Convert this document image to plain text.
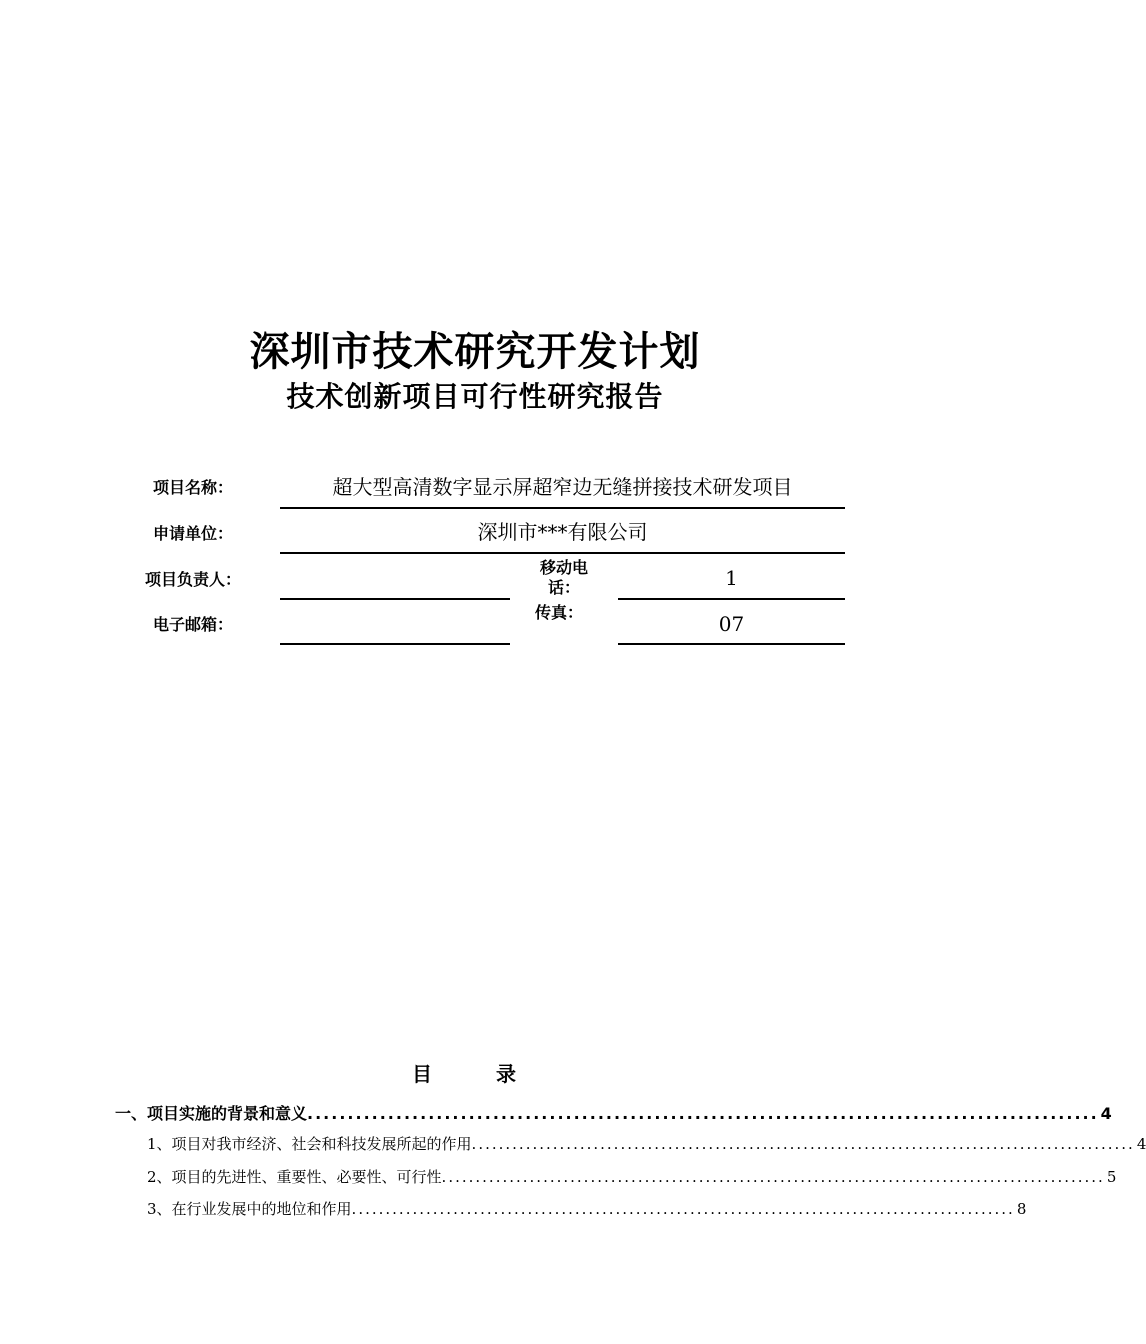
深圳市技术研究开发计划
技术创新项目可行性研究报告
项目名称：	超大型高清数字显示屏超窄边无缝拼接技术研发项目
申请单位：	深圳市***有限公司
项目负责人：
移动电话：	1
电子邮箱：
传真：	07
目　录
一、项目实施的背景和意义 .................................................................................................. 4
1、项目对我市经济、社会和科技发展所起的作用 .................................................................................................. 4
2、项目的先进性、重要性、必要性、可行性 .................................................................................................. 5
3、在行业发展中的地位和作用 .................................................................................................. 8
